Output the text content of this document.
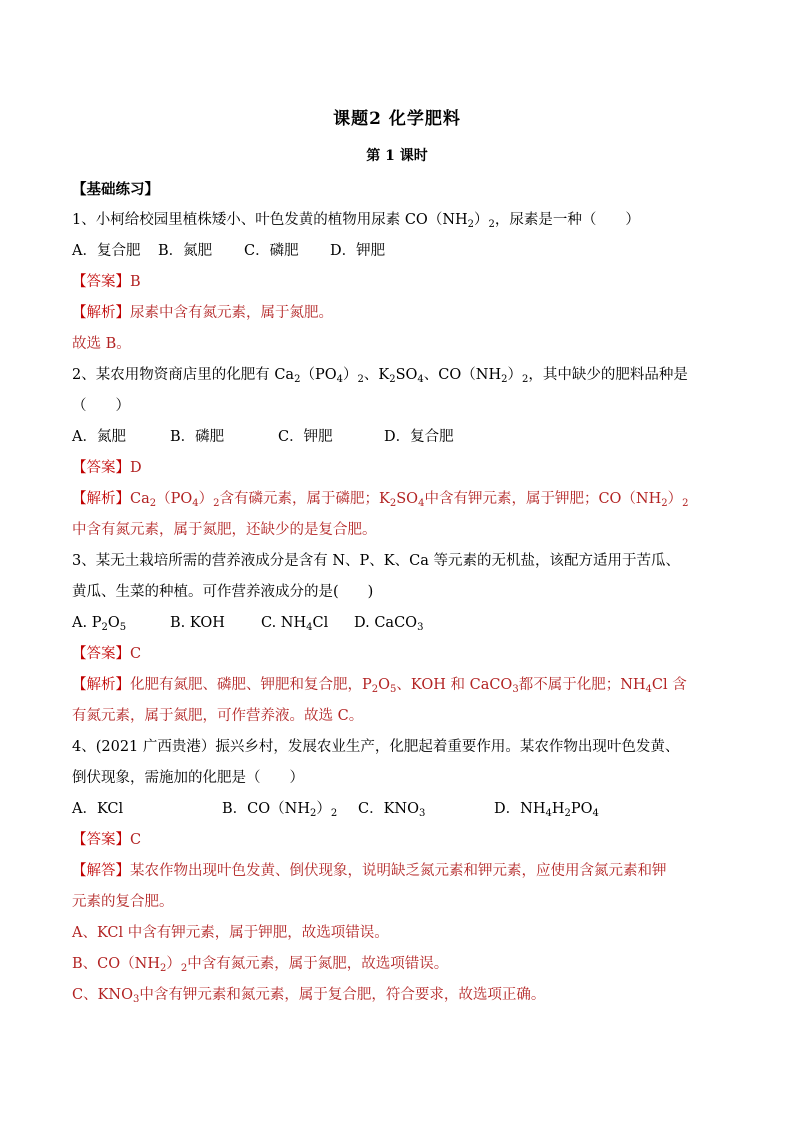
课题2 化学肥料
第 1 课时
【基础练习】
1、小柯给校园里植株矮小、叶色发黄的植物用尿素 $CO(NH_2)_2$，尿素是一种（　　）
A．复合肥 B．氮肥 C．磷肥 D．钾肥
【答案】B
【解析】尿素中含有氮元素，属于氮肥。
故选 B。
2、某农用物资商店里的化肥有 $Ca_2(PO_4)_2$、$K_2SO_4$、$CO(NH_2)_2$，其中缺少的肥料品种是
（　　）
A．氮肥	B．磷肥	C．钾肥	D．复合肥
【答案】D
【解析】$Ca_2(PO_4)_2$含有磷元素，属于磷肥；$K_2SO_4$中含有钾元素，属于钾肥；$CO(NH_2)_2$
中含有氮元素，属于氮肥，还缺少的是复合肥。
3、某无土栽培所需的营养液成分是含有 N、P、K、Ca 等元素的无机盐，该配方适用于苦瓜、
黄瓜、生菜的种植。可作营养液成分的是(　　)
A. $P_2O_5$	B. KOH C. $NH_4Cl$ D. CaCO$_3$
【答案】C
【解析】化肥有氮肥、磷肥、钾肥和复合肥，$P_2O_5$、KOH 和 CaCO$_3$都不属于化肥；$NH_4Cl$ 含
有氮元素，属于氮肥，可作营养液。故选 C。
4、(2021 广西贵港）振兴乡村，发展农业生产，化肥起着重要作用。某农作物出现叶色发黄、
倒伏现象，需施加的化肥是（　　）
A．KCl	B．$CO(NH_2)_2$ C．$KNO_3$	D．$NH_4H_2PO_4$
【答案】C
【解答】某农作物出现叶色发黄、倒伏现象，说明缺乏氮元素和钾元素，应使用含氮元素和钾
元素的复合肥。
A、KCl 中含有钾元素，属于钾肥，故选项错误。
B、$CO(NH_2)_2$中含有氮元素，属于氮肥，故选项错误。
C、$KNO_3$中含有钾元素和氮元素，属于复合肥，符合要求，故选项正确。
